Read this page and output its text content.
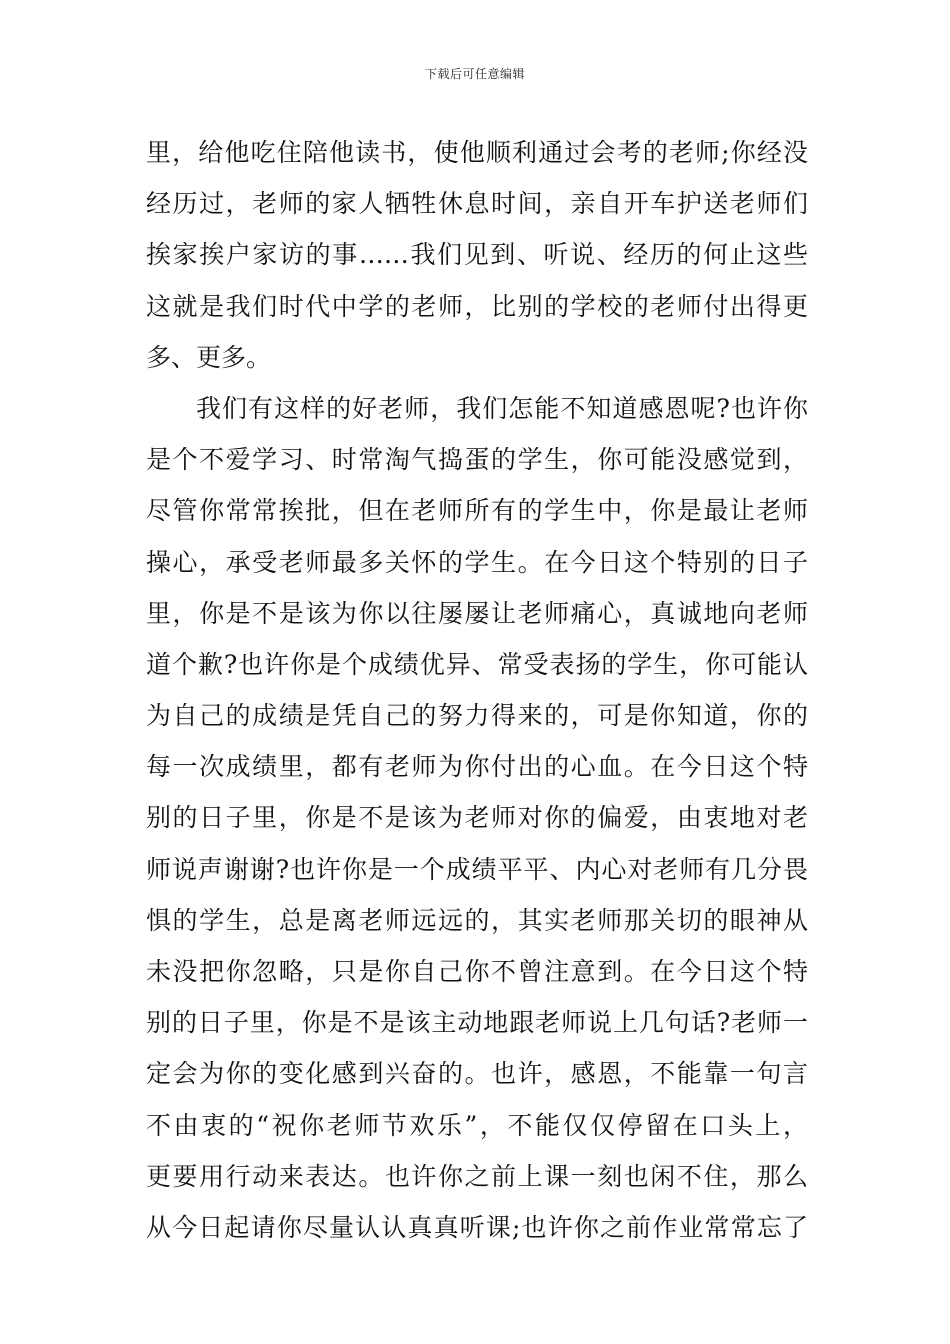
下载后可任意编辑
里，给他吃住陪他读书，使他顺利通过会考的老师;你经没
经历过，老师的家人牺牲休息时间，亲自开车护送老师们
挨家挨户家访的事……我们见到、听说、经历的何止这些
这就是我们时代中学的老师，比别的学校的老师付出得更
多、更多。
我们有这样的好老师，我们怎能不知道感恩呢?也许你
是个不爱学习、时常淘气捣蛋的学生，你可能没感觉到，
尽管你常常挨批，但在老师所有的学生中，你是最让老师
操心，承受老师最多关怀的学生。在今日这个特别的日子
里，你是不是该为你以往屡屡让老师痛心，真诚地向老师
道个歉?也许你是个成绩优异、常受表扬的学生，你可能认
为自己的成绩是凭自己的努力得来的，可是你知道，你的
每一次成绩里，都有老师为你付出的心血。在今日这个特
别的日子里，你是不是该为老师对你的偏爱，由衷地对老
师说声谢谢?也许你是一个成绩平平、内心对老师有几分畏
惧的学生，总是离老师远远的，其实老师那关切的眼神从
未没把你忽略，只是你自己你不曾注意到。在今日这个特
别的日子里，你是不是该主动地跟老师说上几句话?老师一
定会为你的变化感到兴奋的。也许，感恩，不能靠一句言
不由衷的“祝你老师节欢乐”，不能仅仅停留在口头上，
更要用行动来表达。也许你之前上课一刻也闲不住，那么
从今日起请你尽量认认真真听课;也许你之前作业常常忘了
